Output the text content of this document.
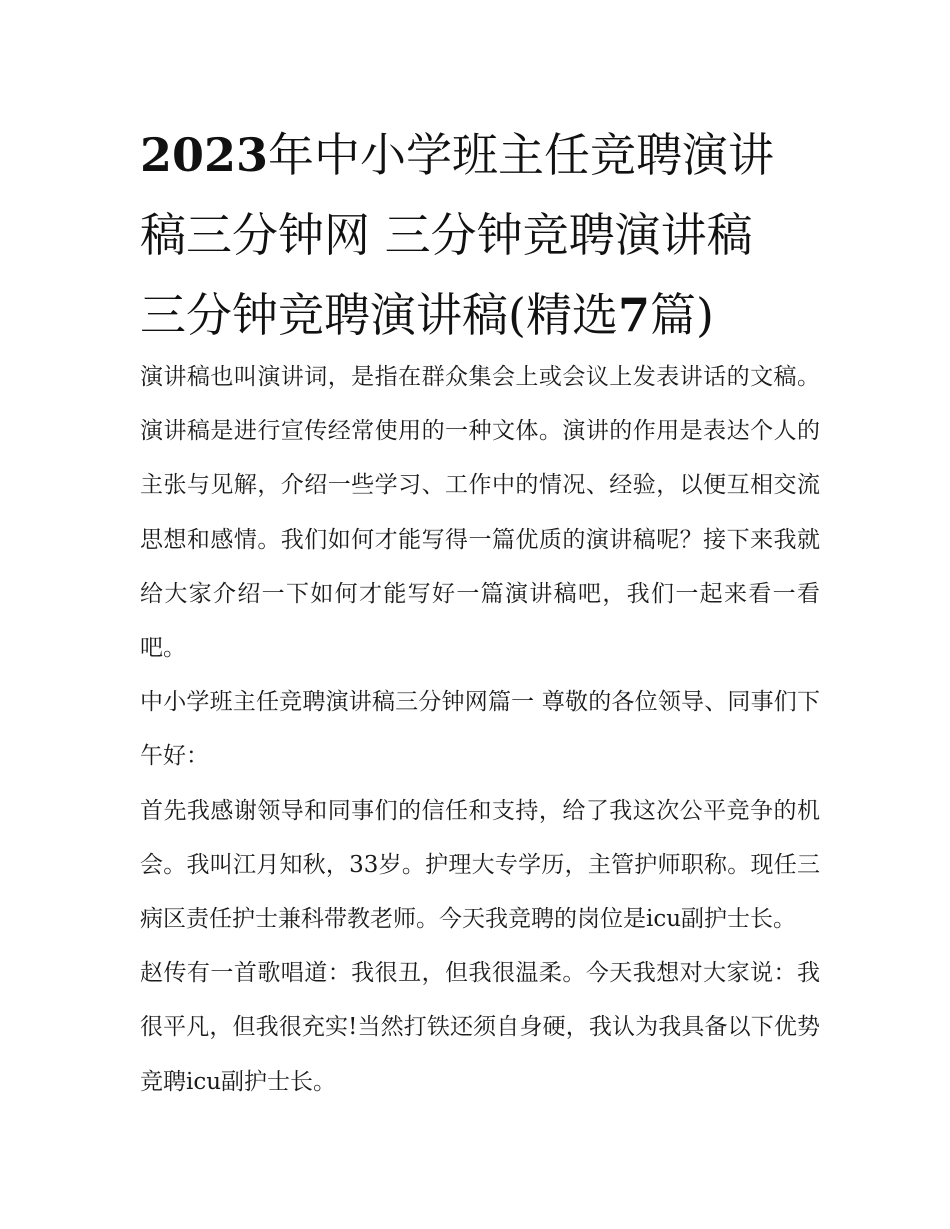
2023年中小学班主任竞聘演讲
稿三分钟网 三分钟竞聘演讲稿
三分钟竞聘演讲稿(精选7篇)

演讲稿也叫演讲词，是指在群众集会上或会议上发表讲话的文稿。演讲稿是进行宣传经常使用的一种文体。演讲的作用是表达个人的主张与见解，介绍一些学习、工作中的情况、经验，以便互相交流思想和感情。我们如何才能写得一篇优质的演讲稿呢？接下来我就给大家介绍一下如何才能写好一篇演讲稿吧，我们一起来看一看吧。

中小学班主任竞聘演讲稿三分钟网篇一 尊敬的各位领导、同事们下午好：

首先我感谢领导和同事们的信任和支持，给了我这次公平竞争的机会。我叫江月知秋，33岁。护理大专学历，主管护师职称。现任三病区责任护士兼科带教老师。今天我竞聘的岗位是icu副护士长。

赵传有一首歌唱道：我很丑，但我很温柔。今天我想对大家说：我很平凡，但我很充实!当然打铁还须自身硬，我认为我具备以下优势竞聘icu副护士长。
